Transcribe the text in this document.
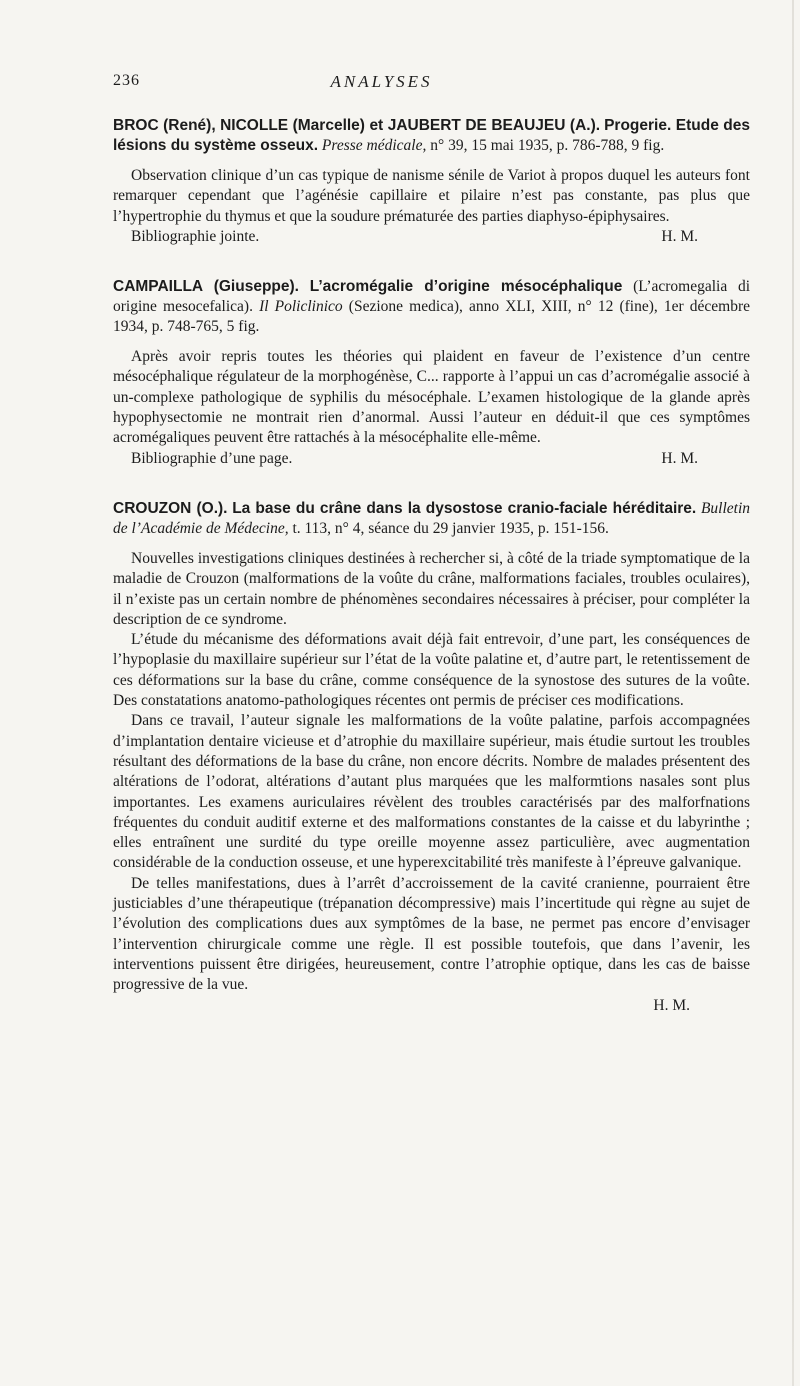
236	ANALYSES

BROC (René), NICOLLE (Marcelle) et JAUBERT DE BEAUJEU (A.). Progerie. Etude des lésions du système osseux. Presse médicale, n° 39, 15 mai 1935, p. 786-788, 9 fig.

Observation clinique d’un cas typique de nanisme sénile de Variot à propos duquel les auteurs font remarquer cependant que l’agénésie capillaire et pilaire n’est pas constante, pas plus que l’hypertrophie du thymus et que la soudure prématurée des parties diaphyso-épiphysaires.

Bibliographie jointe.	H. M.

CAMPAILLA (Giuseppe). L’acromégalie d’origine mésocéphalique (L’acromegalia di origine mesocefalica). Il Policlinico (Sezione medica), anno XLI, XIII, n° 12 (fine), 1er décembre 1934, p. 748-765, 5 fig.

Après avoir repris toutes les théories qui plaident en faveur de l’existence d’un centre mésocéphalique régulateur de la morphogénèse, C... rapporte à l’appui un cas d’acromégalie associé à un-complexe pathologique de syphilis du mésocéphale. L’examen histologique de la glande après hypophysectomie ne montrait rien d’anormal. Aussi l’auteur en déduit-il que ces symptômes acromégaliques peuvent être rattachés à la mésocéphalite elle-même.

Bibliographie d’une page.	H. M.

CROUZON (O.). La base du crâne dans la dysostose cranio-faciale héréditaire. Bulletin de l’Académie de Médecine, t. 113, n° 4, séance du 29 janvier 1935, p. 151-156.

Nouvelles investigations cliniques destinées à rechercher si, à côté de la triade symptomatique de la maladie de Crouzon (malformations de la voûte du crâne, malformations faciales, troubles oculaires), il n’existe pas un certain nombre de phénomènes secondaires nécessaires à préciser, pour compléter la description de ce syndrome.

L’étude du mécanisme des déformations avait déjà fait entrevoir, d’une part, les conséquences de l’hypoplasie du maxillaire supérieur sur l’état de la voûte palatine et, d’autre part, le retentissement de ces déformations sur la base du crâne, comme conséquence de la synostose des sutures de la voûte. Des constatations anatomo-pathologiques récentes ont permis de préciser ces modifications.

Dans ce travail, l’auteur signale les malformations de la voûte palatine, parfois accompagnées d’implantation dentaire vicieuse et d’atrophie du maxillaire supérieur, mais étudie surtout les troubles résultant des déformations de la base du crâne, non encore décrits. Nombre de malades présentent des altérations de l’odorat, altérations d’autant plus marquées que les malformtions nasales sont plus importantes. Les examens auriculaires révèlent des troubles caractérisés par des malforfnations fréquentes du conduit auditif externe et des malformations constantes de la caisse et du labyrinthe ; elles entraînent une surdité du type oreille moyenne assez particulière, avec augmentation considérable de la conduction osseuse, et une hyperexcitabilité très manifeste à l’épreuve galvanique.

De telles manifestations, dues à l’arrêt d’accroissement de la cavité cranienne, pourraient être justiciables d’une thérapeutique (trépanation décompressive) mais l’incertitude qui règne au sujet de l’évolution des complications dues aux symptômes de la base, ne permet pas encore d’envisager l’intervention chirurgicale comme une règle. Il est possible toutefois, que dans l’avenir, les interventions puissent être dirigées, heureusement, contre l’atrophie optique, dans les cas de baisse progressive de la vue.

H. M.
